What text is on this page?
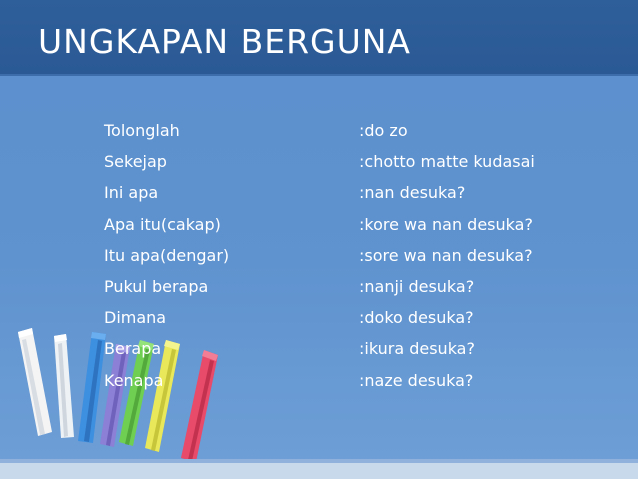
UNGKAPAN BERGUNA
Tolonglah	:do zo
Sekejap	:chotto matte kudasai
Ini apa	:nan desuka?
Apa itu(cakap)	:kore wa nan desuka?
Itu apa(dengar)	:sore wa nan desuka?
Pukul berapa	:nanji desuka?
Dimana	:doko desuka?
Berapa	:ikura desuka?
Kenapa	:naze desuka?
